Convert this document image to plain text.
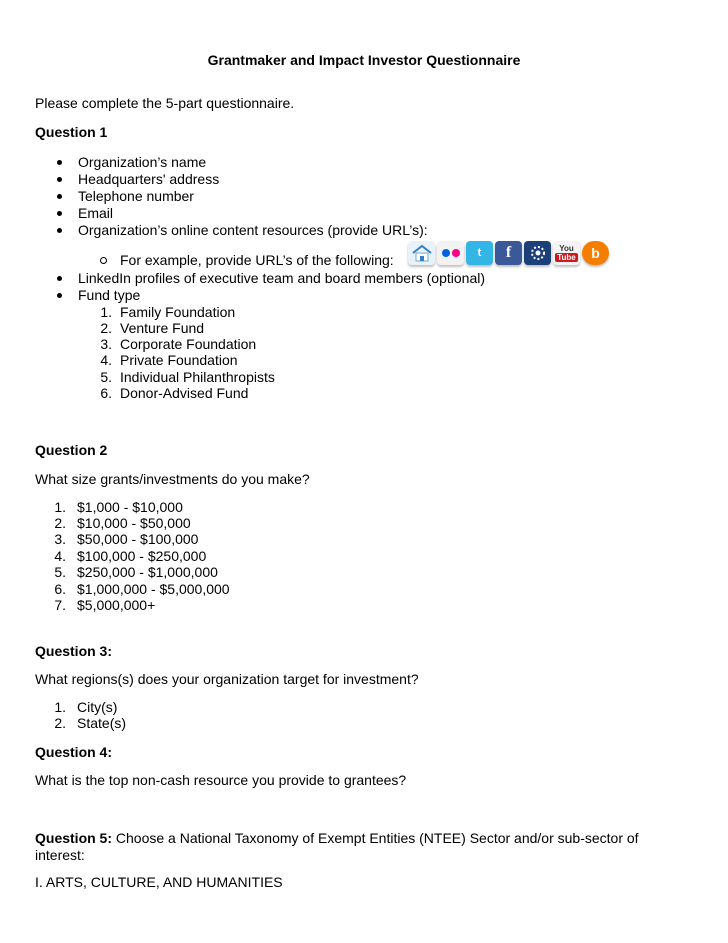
Grantmaker and Impact Investor Questionnaire
Please complete the 5-part questionnaire.
Question 1
Organization’s name
Headquarters' address
Telephone number
Email
Organization’s online content resources (provide URL’s):
For example, provide URL’s of the following:	t	f	You
Tube	b
LinkedIn profiles of executive team and board members (optional)
Fund type
1. Family Foundation
2. Venture Fund
3. Corporate Foundation
4. Private Foundation
5. Individual Philanthropists
6. Donor-Advised Fund
Question 2
What size grants/investments do you make?
1. $1,000 - $10,000
2. $10,000 - $50,000
3. $50,000 - $100,000
4. $100,000 - $250,000
5. $250,000 - $1,000,000
6. $1,000,000 - $5,000,000
7. $5,000,000+
Question 3:
What regions(s) does your organization target for investment?
1. City(s)
2. State(s)
Question 4:
What is the top non-cash resource you provide to grantees?
Question 5: Choose a National Taxonomy of Exempt Entities (NTEE) Sector and/or sub-sector of
interest:
I. ARTS, CULTURE, AND HUMANITIES
